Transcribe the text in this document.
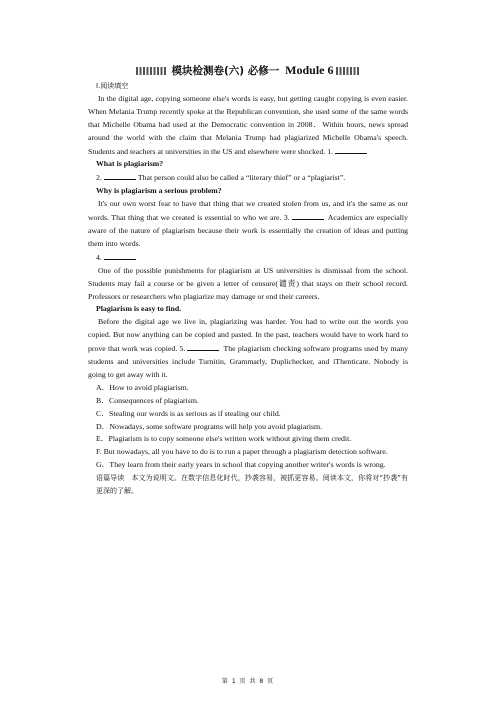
模块检测卷(六) 必修一 Module 6

Ⅰ.阅读填空

In the digital age, copying someone else's words is easy, but getting caught copying is even easier. When Melania Trump recently spoke at the Republican convention, she used some of the same words that Michelle Obama had used at the Democratic convention in 2008．Within hours, news spread around the world with the claim that Melania Trump had plagiarized Michelle Obama's speech. Students and teachers at universities in the US and elsewhere were shocked. 1.

What is plagiarism?

2.	That person could also be called a “literary thief” or a “plagiarist”.

Why is plagiarism a serious problem?

It's our own worst fear to have that thing that we created stolen from us, and it's the same as our words. That thing that we created is essential to who we are. 3.	Academics are especially aware of the nature of plagiarism because their work is essentially the creation of ideas and putting them into words.

4.

One of the possible punishments for plagiarism at US universities is dismissal from the school. Students may fail a course or be given a letter of censure(谴责) that stays on their school record. Professors or researchers who plagiarize may damage or end their careers.

Plagiarism is easy to find.

Before the digital age we live in, plagiarizing was harder. You had to write out the words you copied. But now anything can be copied and pasted. In the past, teachers would have to work hard to prove that work was copied. 5.	The plagiarism checking software programs used by many students and universities include Turnitin, Grammarly, Duplichecker, and iThenticate. Nobody is going to get away with it.

A．How to avoid plagiarism.

B．Consequences of plagiarism.

C．Stealing our words is as serious as if stealing our child.

D．Nowadays, some software programs will help you avoid plagiarism.

E．Plagiarism is to copy someone else's written work without giving them credit.

F. But nowadays, all you have to do is to run a paper through a plagiarism detection software.

G．They learn from their early years in school that copying another writer's words is wrong.

语篇导读　本文为说明文。在数字信息化时代，抄袭容易，被抓更容易。阅读本文，你将对“抄袭”有更深的了解。

第 1 页 共 8 页
